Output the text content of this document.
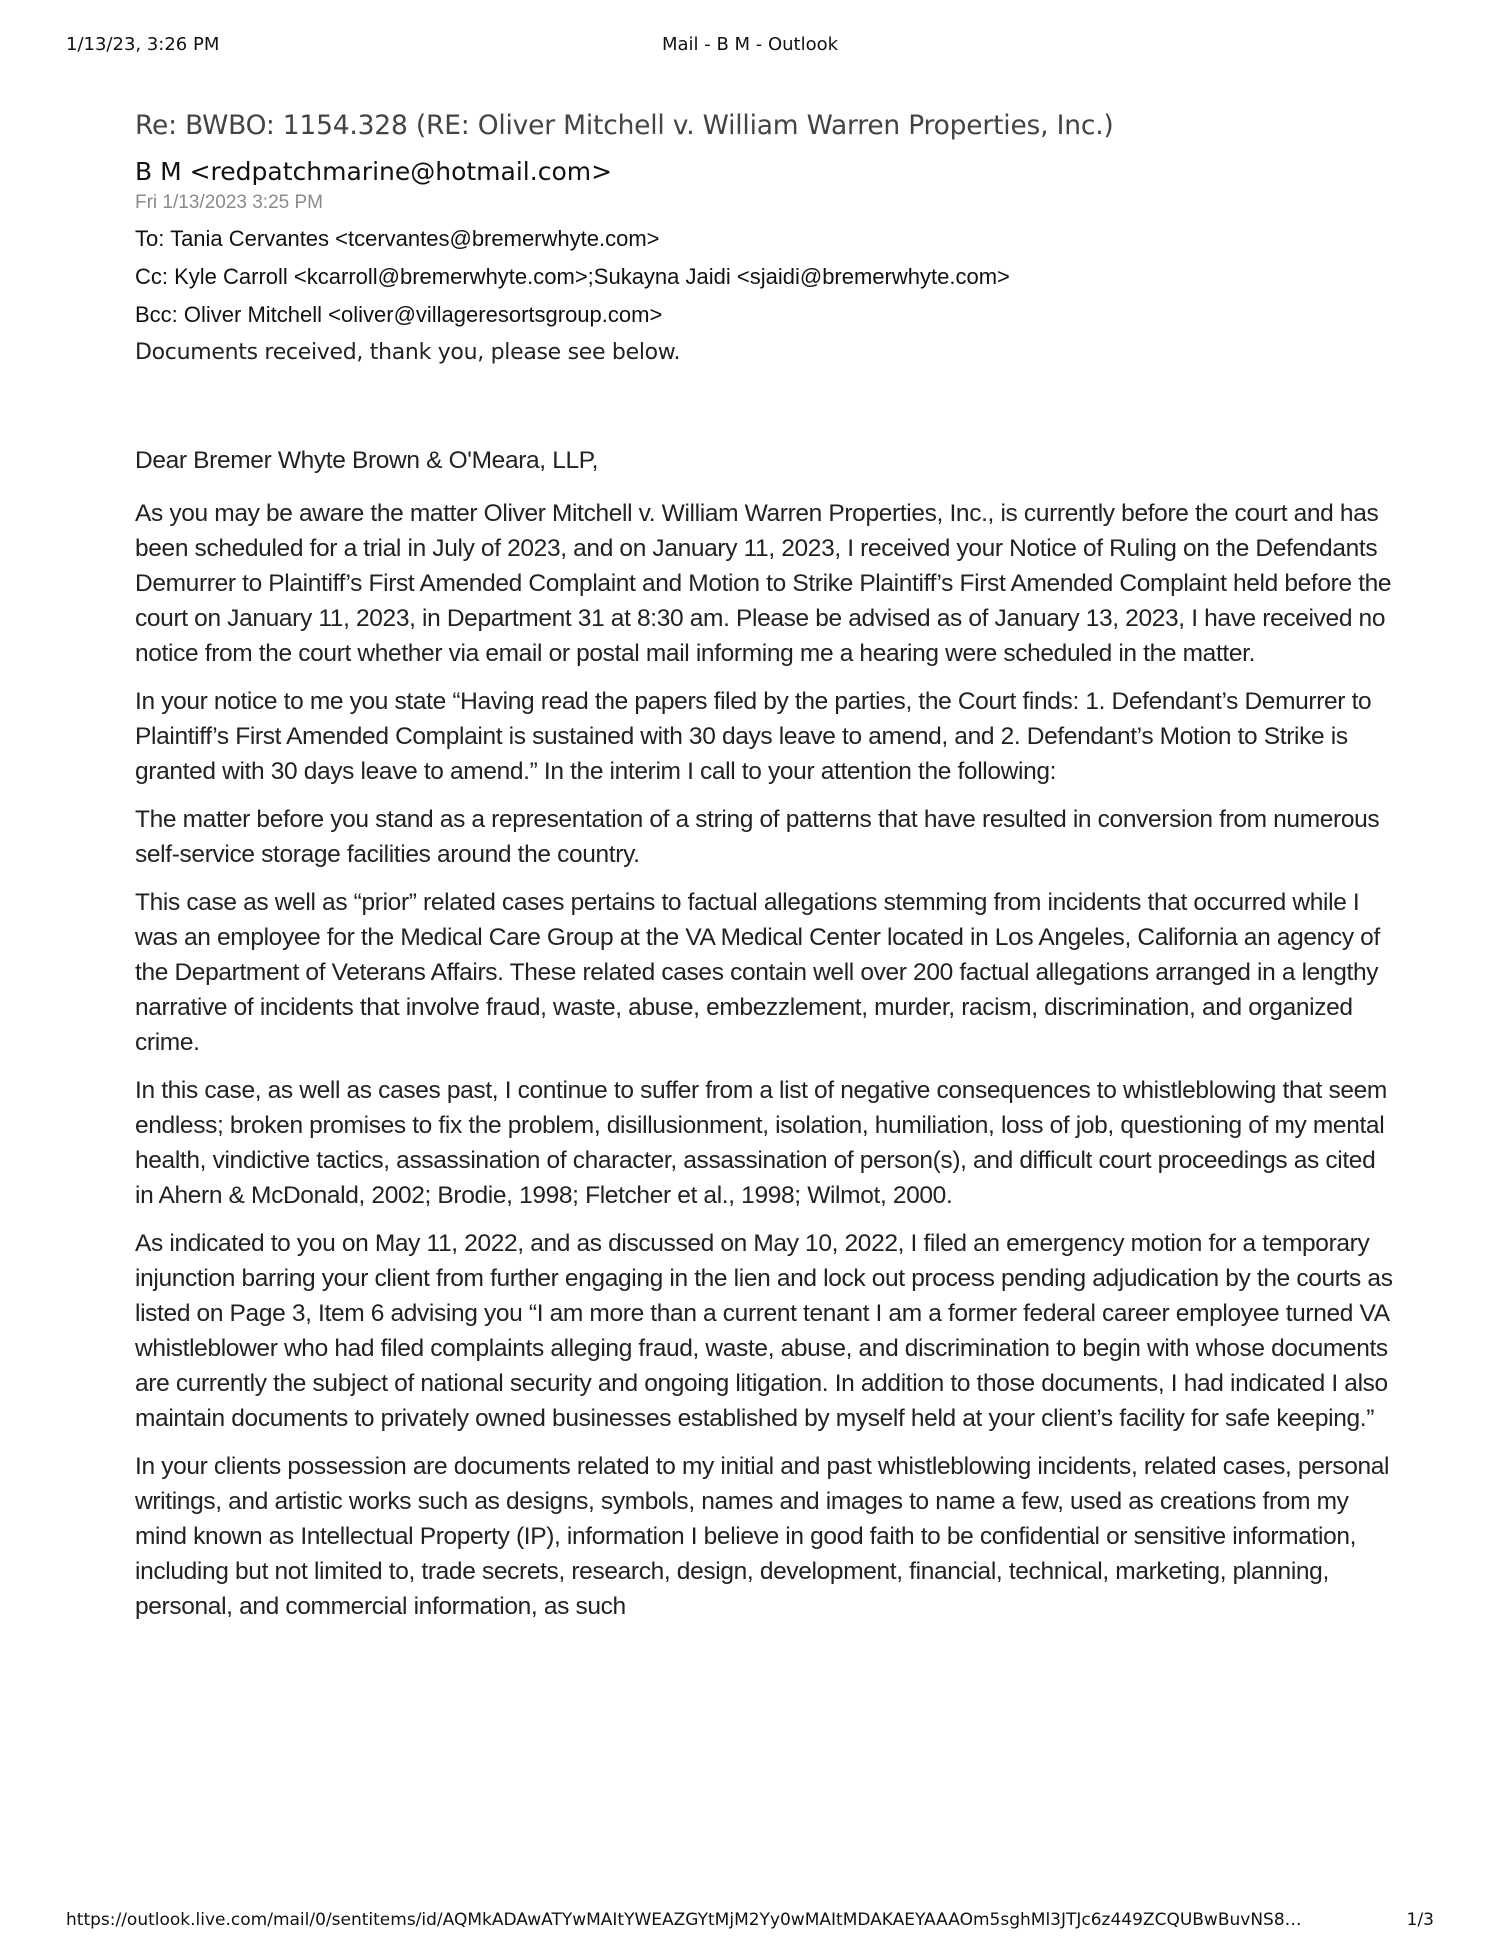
1/13/23, 3:26 PM	Mail - B M - Outlook
Re: BWBO: 1154.328 (RE: Oliver Mitchell v. William Warren Properties, Inc.)
B M <redpatchmarine@hotmail.com>
Fri 1/13/2023 3:25 PM
To: Tania Cervantes <tcervantes@bremerwhyte.com>
Cc: Kyle Carroll <kcarroll@bremerwhyte.com>;Sukayna Jaidi <sjaidi@bremerwhyte.com>
Bcc: Oliver Mitchell <oliver@villageresortsgroup.com>
Documents received, thank you, please see below.

Dear Bremer Whyte Brown & O'Meara, LLP,

As you may be aware the matter Oliver Mitchell v. William Warren Properties, Inc., is currently before the court and has been scheduled for a trial in July of 2023, and on January 11, 2023, I received your Notice of Ruling on the Defendants Demurrer to Plaintiff’s First Amended Complaint and Motion to Strike Plaintiff’s First Amended Complaint held before the court on January 11, 2023, in Department 31 at 8:30 am. Please be advised as of January 13, 2023, I have received no notice from the court whether via email or postal mail informing me a hearing were scheduled in the matter.

In your notice to me you state “Having read the papers filed by the parties, the Court finds: 1. Defendant’s Demurrer to Plaintiff’s First Amended Complaint is sustained with 30 days leave to amend, and 2. Defendant’s Motion to Strike is granted with 30 days leave to amend.” In the interim I call to your attention the following:

The matter before you stand as a representation of a string of patterns that have resulted in conversion from numerous self-service storage facilities around the country.

This case as well as “prior” related cases pertains to factual allegations stemming from incidents that occurred while I was an employee for the Medical Care Group at the VA Medical Center located in Los Angeles, California an agency of the Department of Veterans Affairs. These related cases contain well over 200 factual allegations arranged in a lengthy narrative of incidents that involve fraud, waste, abuse, embezzlement, murder, racism, discrimination, and organized crime.

In this case, as well as cases past, I continue to suffer from a list of negative consequences to whistleblowing that seem endless; broken promises to fix the problem, disillusionment, isolation, humiliation, loss of job, questioning of my mental health, vindictive tactics, assassination of character, assassination of person(s), and difficult court proceedings as cited in Ahern & McDonald, 2002; Brodie, 1998; Fletcher et al., 1998; Wilmot, 2000.

As indicated to you on May 11, 2022, and as discussed on May 10, 2022, I filed an emergency motion for a temporary injunction barring your client from further engaging in the lien and lock out process pending adjudication by the courts as listed on Page 3, Item 6 advising you “I am more than a current tenant I am a former federal career employee turned VA whistleblower who had filed complaints alleging fraud, waste, abuse, and discrimination to begin with whose documents are currently the subject of national security and ongoing litigation. In addition to those documents, I had indicated I also maintain documents to privately owned businesses established by myself held at your client’s facility for safe keeping.”

In your clients possession are documents related to my initial and past whistleblowing incidents, related cases, personal writings, and artistic works such as designs, symbols, names and images to name a few, used as creations from my mind known as Intellectual Property (IP), information I believe in good faith to be confidential or sensitive information, including but not limited to, trade secrets, research, design, development, financial, technical, marketing, planning, personal, and commercial information, as such

https://outlook.live.com/mail/0/sentitems/id/AQMkADAwATYwMAItYWEAZGYtMjM2Yy0wMAItMDAKAEYAAAOm5sghMl3JTJc6z449ZCQUBwBuvNS8…	1/3
